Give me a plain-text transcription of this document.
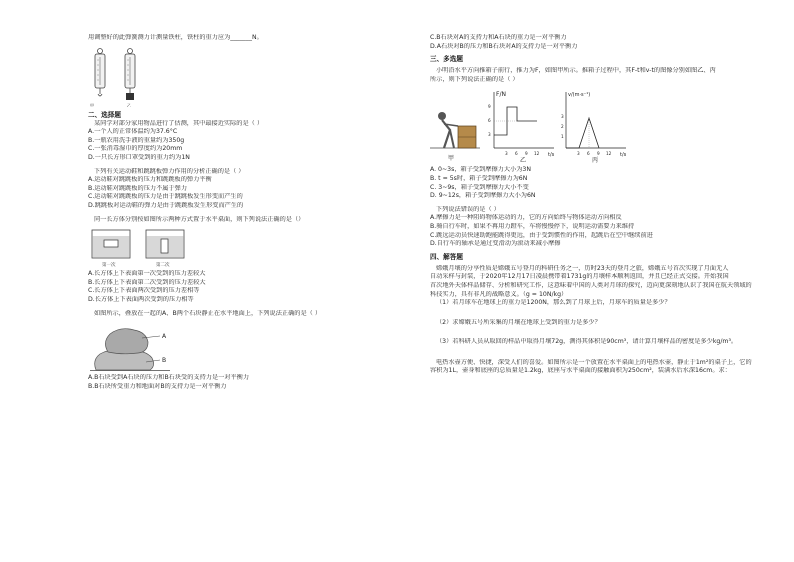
用调整好的此弹簧测力计测量铁柱，铁柱的重力应为_______N。
甲	乙
二、选择题
某同学对部分家用物品进行了估测，其中最接近实际的是（ ）
A.一个人的正常体温约为37.6°C
B.一瓶农用洗手液的重量约为350g
C.一张消毒湿巾的厚度约为20mm
D.一只长方形口罩受到的重力约为1N
下列有关运动鞋和跳跳板弹力作用的分析正确的是（ ）
A.运动鞋对跳跳板的压力和跳跳板的弹力平衡
B.运动鞋对跳跳板的压力不属于弹力
C.运动鞋对跳跳板的压力是由于跳跳板发生形变而产生的
D.跳跳板对运动鞋的弹力是由于跳跳板发生形变而产生的
同一长方体分别按如图所示两种方式置于水平桌面，则下列说法正确的是（）
第一次	第二次
A.长方体上下表面第一次受到的压力差较大
B.长方体上下表面第二次受到的压力差较大
C.长方体上下表面两次受到的压力差相等
D.长方体上下表面两次受到的压力相等
如图所示，叠放在一起的A、B两个石块静止在水平地面上，下列说法正确的是（ ）
A
B
A.B石块受到A石块的压力和B石块受的支持力是一对平衡力
B.B石块所受重力和地面对B的支持力是一对平衡力
C.B石块对A的支持力和A石块的重力是一对平衡力
D.A石块对B的压力和B石块对A的支持力是一对平衡力
三、多选题
小明沿水平方向推箱子前行，推力为F，如图甲所示。推箱子过程中，其F-t和v-t的图像分别如图乙、丙
所示，则下列说法正确的是（ ）
甲
F/N
t/s
3
6
9
3 6 9 12
乙
v/(m·s⁻¹)
t/s
1
2
3
3 6 9 12
丙
A. 0~3s，箱子受到摩擦力大小为3N
B. t = 5s时，箱子受到摩擦力为6N
C. 3~9s，箱子受到摩擦力大小不变
D. 9~12s，箱子受到摩擦力大小为6N
下列说法错误的是（ ）
A.摩擦力是一种阻碍物体运动的力，它的方向始终与物体运动方向相反
B.骑自行车时，如果不再用力蹬车，车将慢慢停下，说明运动需要力来维持
C.跳远运动员快速助跑能跳得更远，由于受到惯性的作用，起跳后在空中继续前进
D.自行车的轴承是通过变滑动为滚动来减小摩擦
四、解答题
嫦娥月壤的分享性质是嫦娥五号登月的科研任务之一，历时23天的登月之旅，嫦娥五号首次实现了月面无人
自动采样与封装，于2020年12月17日凌晨携带着1731g的月壤样本顺利返回，并且已经正式交接。开始我国
首次地外天体样品储存、分析和研究工作，这意味着中国的人类对月球的探究，迈向更深刻地认识了我国在航天领域的
科技实力，具有非凡的战略意义。（g = 10N/kg）
（1）若月球车在地球上的重力是1200N，那么到了月球上后，月球车的质量是多少？
（2）求嫦娥五号所采集的月壤在地球上受到的重力是多少？
（3）若科研人员从取回的样品中取得月壤72g，测得其体积是90cm³，请计算月壤样品的密度是多少kg/m³。
电热水壶方便、快捷，深受人们的喜爱。如图所示是一个放置在水平桌面上的电热水壶，静止于1m²的桌子上，它的
容积为1L，壶身和底座的总质量是1.2kg，底座与水平桌面的接触面积为250cm²，装满水后水深16cm。求：
